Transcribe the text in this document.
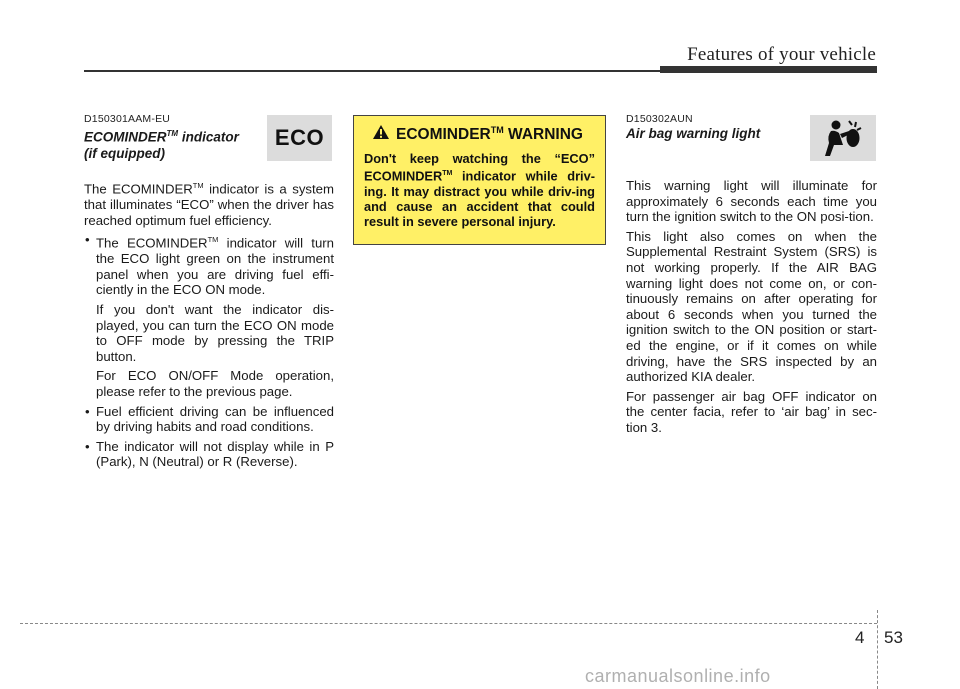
Features of your vehicle
D150301AAM-EU
ECOMINDER™ indicator
(if equipped)
ECO

The ECOMINDER™ indicator is a system that illuminates “ECO” when the driver has reached optimum fuel efficiency.

• The ECOMINDER™ indicator will turn the ECO light green on the instrument panel when you are driving fuel effi-ciently in the ECO ON mode.

If you don't want the indicator dis-played, you can turn the ECO ON mode to OFF mode by pressing the TRIP button.

For ECO ON/OFF Mode operation, please refer to the previous page.

• Fuel efficient driving can be influenced by driving habits and road conditions.

• The indicator will not display while in P (Park), N (Neutral) or R (Reverse).

ECOMINDER™ WARNING
Don't keep watching the “ECO” ECOMINDER™ indicator while driv-ing. It may distract you while driv-ing and cause an accident that could result in severe personal injury.
D150302AUN
Air bag warning light

This warning light will illuminate for approximately 6 seconds each time you turn the ignition switch to the ON posi-tion.

This light also comes on when the Supplemental Restraint System (SRS) is not working properly. If the AIR BAG warning light does not come on, or con-tinuously remains on after operating for about 6 seconds when you turned the ignition switch to the ON position or start-ed the engine, or if it comes on while driving, have the SRS inspected by an authorized KIA dealer.

For passenger air bag OFF indicator on the center facia, refer to ‘air bag’ in sec-tion 3.

4 53
carmanualsonline.info
